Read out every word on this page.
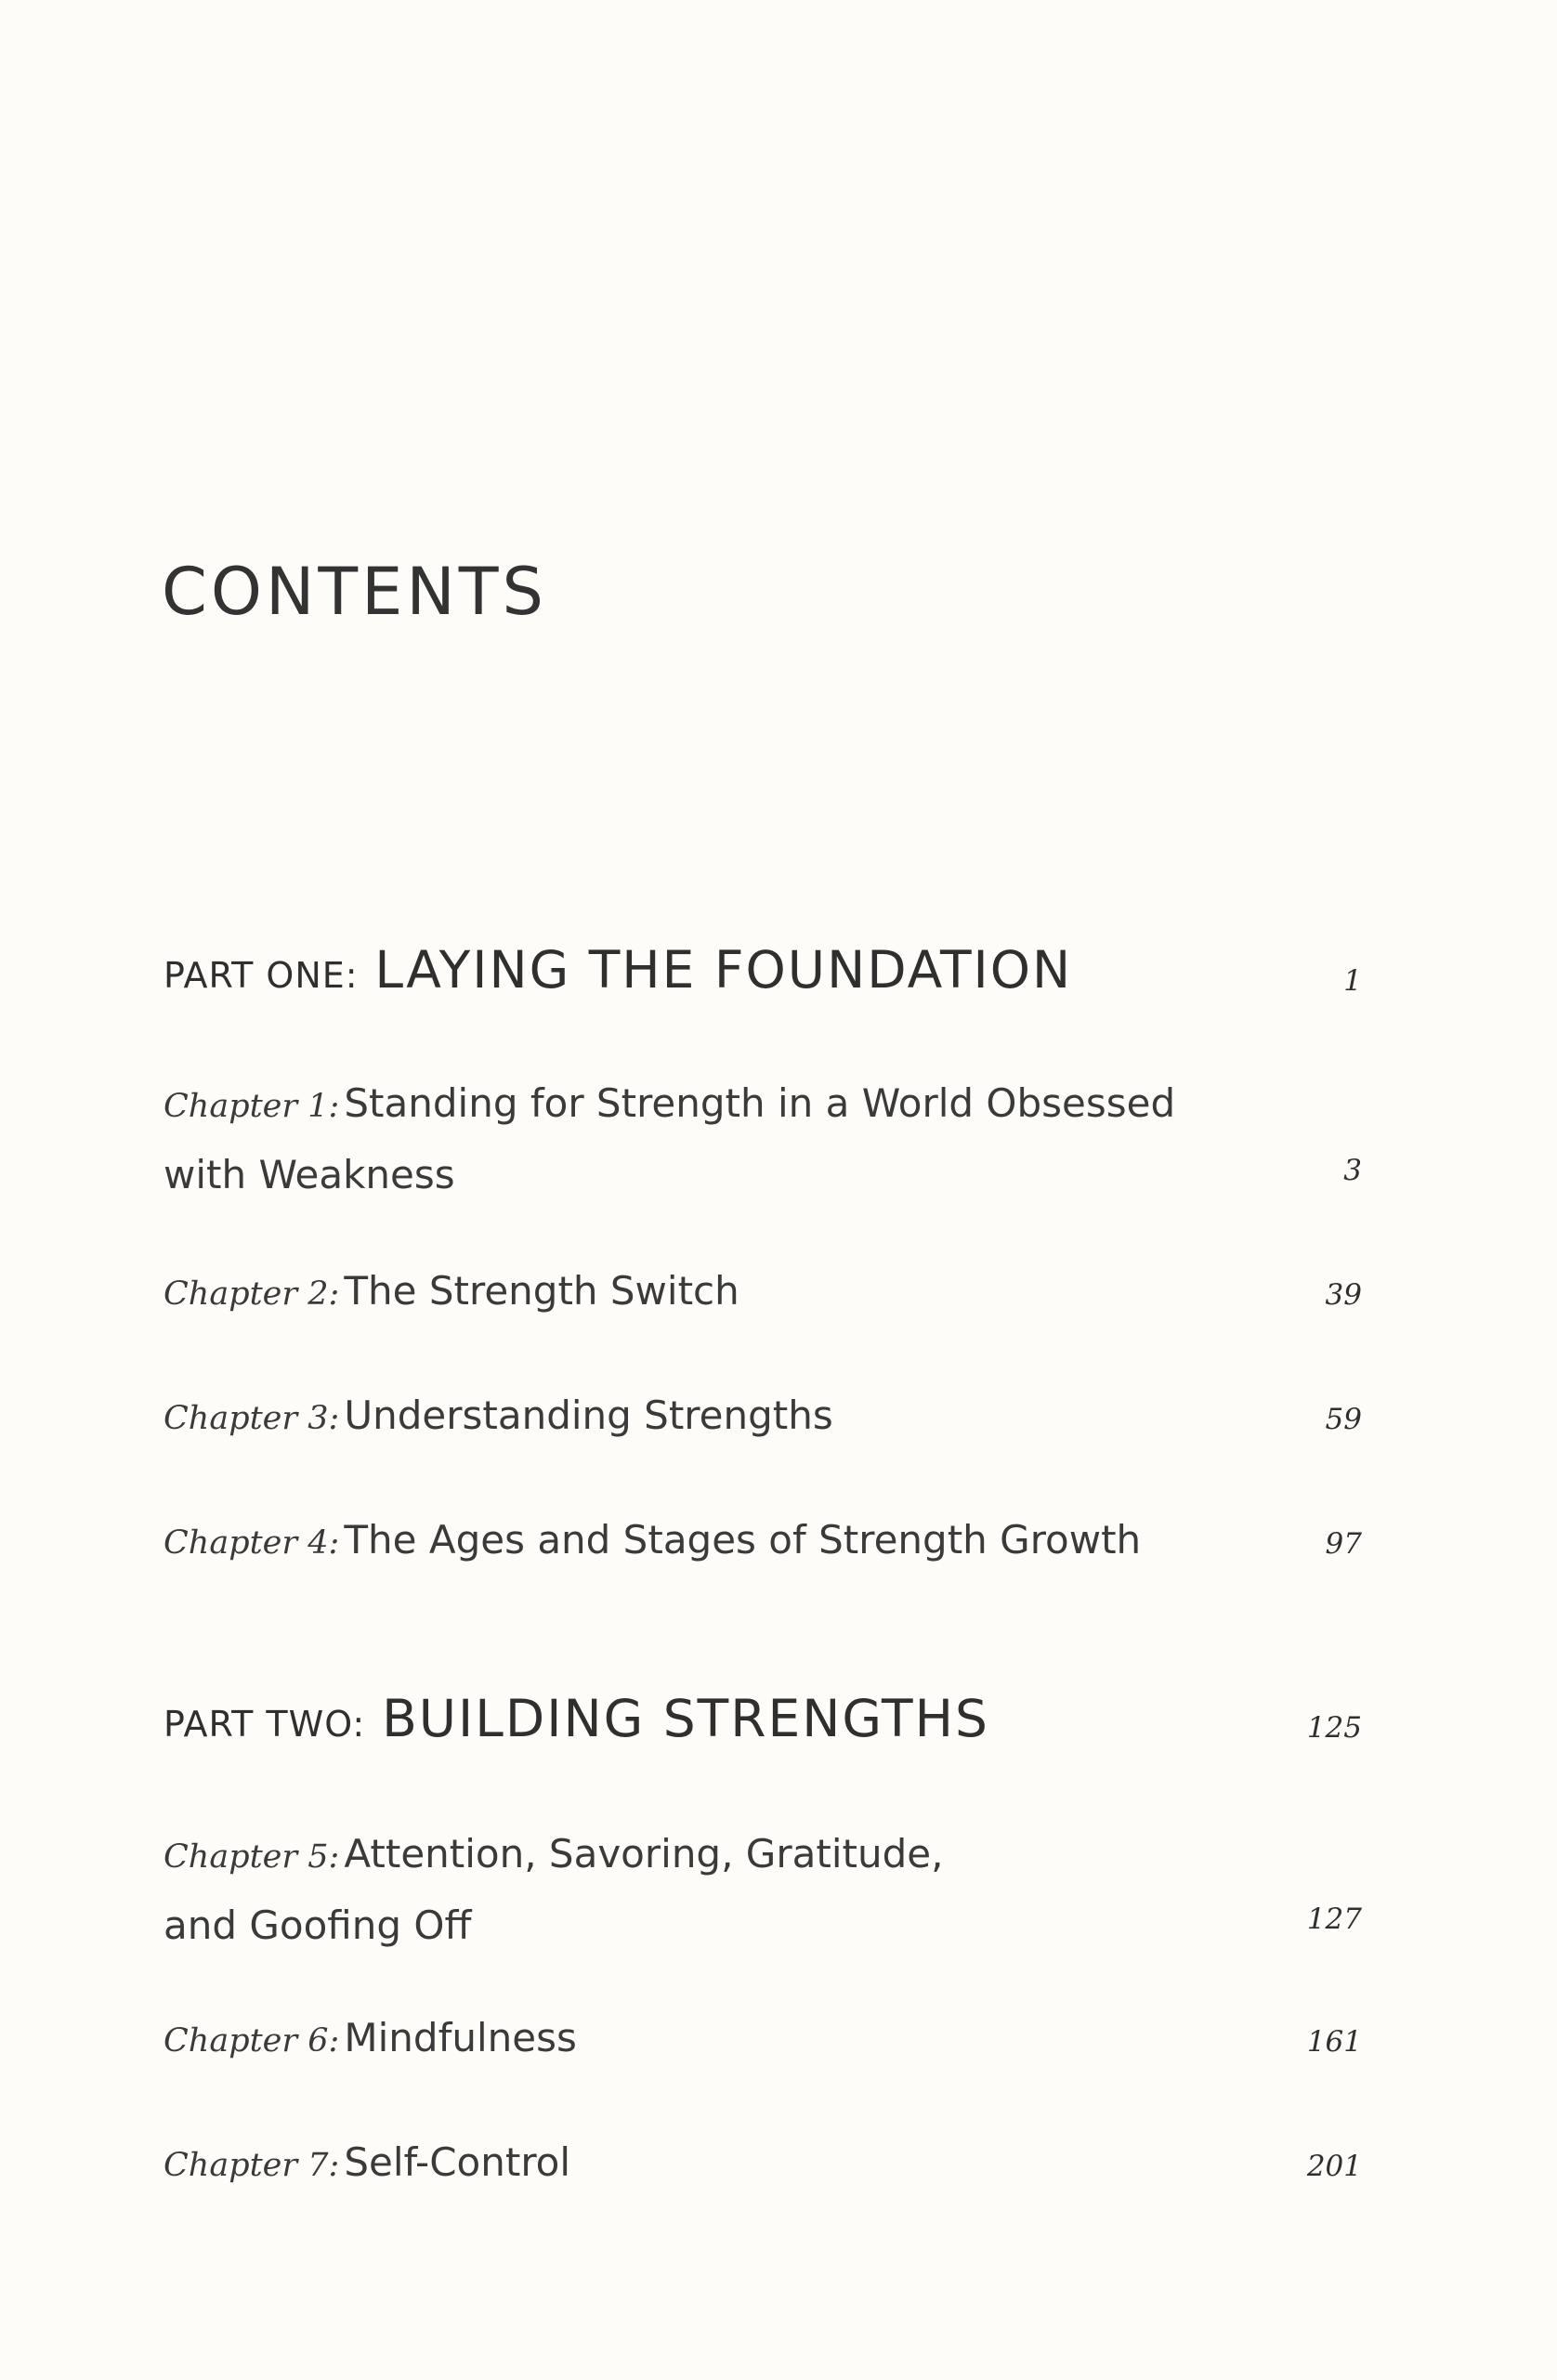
CONTENTS
PART ONE: LAYING THE FOUNDATION	1
Chapter 1: Standing for Strength in a World Obsessed
with Weakness	3
Chapter 2: The Strength Switch	39
Chapter 3: Understanding Strengths	59
Chapter 4: The Ages and Stages of Strength Growth	97
PART TWO: BUILDING STRENGTHS	125
Chapter 5: Attention, Savoring, Gratitude,
and Goofing Off	127
Chapter 6: Mindfulness	161
Chapter 7: Self-Control	201
